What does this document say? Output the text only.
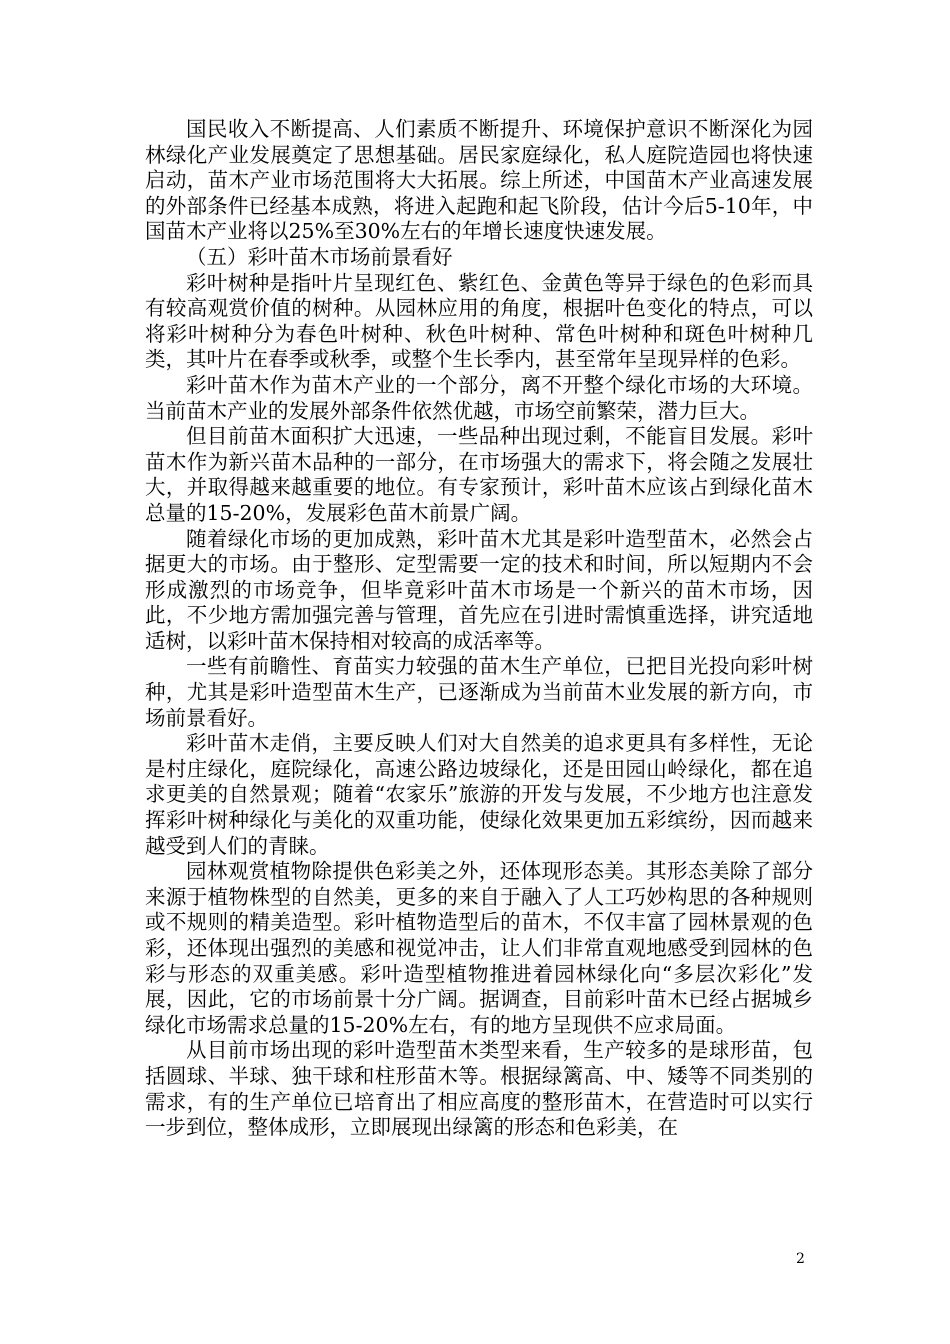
国民收入不断提高、人们素质不断提升、环境保护意识不断深化为园林绿化产业发展奠定了思想基础。居民家庭绿化，私人庭院造园也将快速启动，苗木产业市场范围将大大拓展。综上所述，中国苗木产业高速发展的外部条件已经基本成熟，将进入起跑和起飞阶段，估计今后5-10年，中国苗木产业将以25%至30%左右的年增长速度快速发展。

（五）彩叶苗木市场前景看好

彩叶树种是指叶片呈现红色、紫红色、金黄色等异于绿色的色彩而具有较高观赏价值的树种。从园林应用的角度，根据叶色变化的特点，可以将彩叶树种分为春色叶树种、秋色叶树种、常色叶树种和斑色叶树种几类，其叶片在春季或秋季，或整个生长季内，甚至常年呈现异样的色彩。

彩叶苗木作为苗木产业的一个部分，离不开整个绿化市场的大环境。当前苗木产业的发展外部条件依然优越，市场空前繁荣，潜力巨大。

但目前苗木面积扩大迅速，一些品种出现过剩，不能盲目发展。彩叶苗木作为新兴苗木品种的一部分，在市场强大的需求下，将会随之发展壮大，并取得越来越重要的地位。有专家预计，彩叶苗木应该占到绿化苗木总量的15-20%，发展彩色苗木前景广阔。

随着绿化市场的更加成熟，彩叶苗木尤其是彩叶造型苗木，必然会占据更大的市场。由于整形、定型需要一定的技术和时间，所以短期内不会形成激烈的市场竞争，但毕竟彩叶苗木市场是一个新兴的苗木市场，因此，不少地方需加强完善与管理，首先应在引进时需慎重选择，讲究适地适树，以彩叶苗木保持相对较高的成活率等。

一些有前瞻性、育苗实力较强的苗木生产单位，已把目光投向彩叶树种，尤其是彩叶造型苗木生产，已逐渐成为当前苗木业发展的新方向，市场前景看好。

彩叶苗木走俏，主要反映人们对大自然美的追求更具有多样性，无论是村庄绿化，庭院绿化，高速公路边坡绿化，还是田园山岭绿化，都在追求更美的自然景观；随着“农家乐”旅游的开发与发展，不少地方也注意发挥彩叶树种绿化与美化的双重功能，使绿化效果更加五彩缤纷，因而越来越受到人们的青睐。

园林观赏植物除提供色彩美之外，还体现形态美。其形态美除了部分来源于植物株型的自然美，更多的来自于融入了人工巧妙构思的各种规则或不规则的精美造型。彩叶植物造型后的苗木，不仅丰富了园林景观的色彩，还体现出强烈的美感和视觉冲击，让人们非常直观地感受到园林的色彩与形态的双重美感。彩叶造型植物推进着园林绿化向“多层次彩化”发展，因此，它的市场前景十分广阔。据调查，目前彩叶苗木已经占据城乡绿化市场需求总量的15-20%左右，有的地方呈现供不应求局面。

从目前市场出现的彩叶造型苗木类型来看，生产较多的是球形苗，包括圆球、半球、独干球和柱形苗木等。根据绿篱高、中、矮等不同类别的需求，有的生产单位已培育出了相应高度的整形苗木，在营造时可以实行一步到位，整体成形，立即展现出绿篱的形态和色彩美，在

2
